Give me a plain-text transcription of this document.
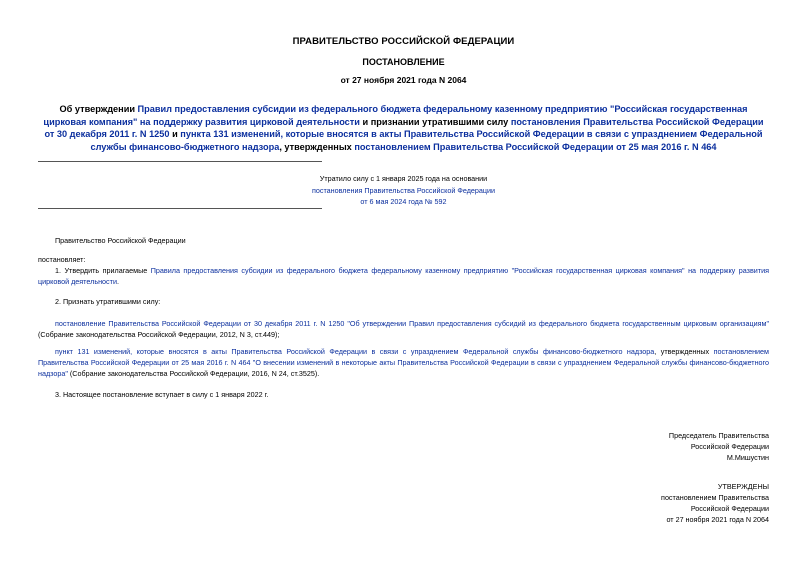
ПРАВИТЕЛЬСТВО РОССИЙСКОЙ ФЕДЕРАЦИИ
ПОСТАНОВЛЕНИЕ
от 27 ноября 2021 года N 2064
Об утверждении Правил предоставления субсидии из федерального бюджета федеральному казенному предприятию "Российская государственная цирковая компания" на поддержку развития цирковой деятельности и признании утратившими силу постановления Правительства Российской Федерации от 30 декабря 2011 г. N 1250 и пункта 131 изменений, которые вносятся в акты Правительства Российской Федерации в связи с упразднением Федеральной службы финансово-бюджетного надзора, утвержденных постановлением Правительства Российской Федерации от 25 мая 2016 г. N 464
Утратило силу с 1 января 2025 года на основании
постановления Правительства Российской Федерации
от 6 мая 2024 года № 592
Правительство Российской Федерации
постановляет:
1. Утвердить прилагаемые Правила предоставления субсидии из федерального бюджета федеральному казенному предприятию "Российская государственная цирковая компания" на поддержку развития цирковой деятельности.
2. Признать утратившими силу:
постановление Правительства Российской Федерации от 30 декабря 2011 г. N 1250 "Об утверждении Правил предоставления субсидий из федерального бюджета государственным цирковым организациям" (Собрание законодательства Российской Федерации, 2012, N 3, ст.449);
пункт 131 изменений, которые вносятся в акты Правительства Российской Федерации в связи с упразднением Федеральной службы финансово-бюджетного надзора, утвержденных постановлением Правительства Российской Федерации от 25 мая 2016 г. N 464 "О внесении изменений в некоторые акты Правительства Российской Федерации в связи с упразднением Федеральной службы финансово-бюджетного надзора" (Собрание законодательства Российской Федерации, 2016, N 24, ст.3525).
3. Настоящее постановление вступает в силу с 1 января 2022 г.
Председатель Правительства
Российской Федерации
М.Мишустин
УТВЕРЖДЕНЫ
постановлением Правительства
Российской Федерации
от 27 ноября 2021 года N 2064
